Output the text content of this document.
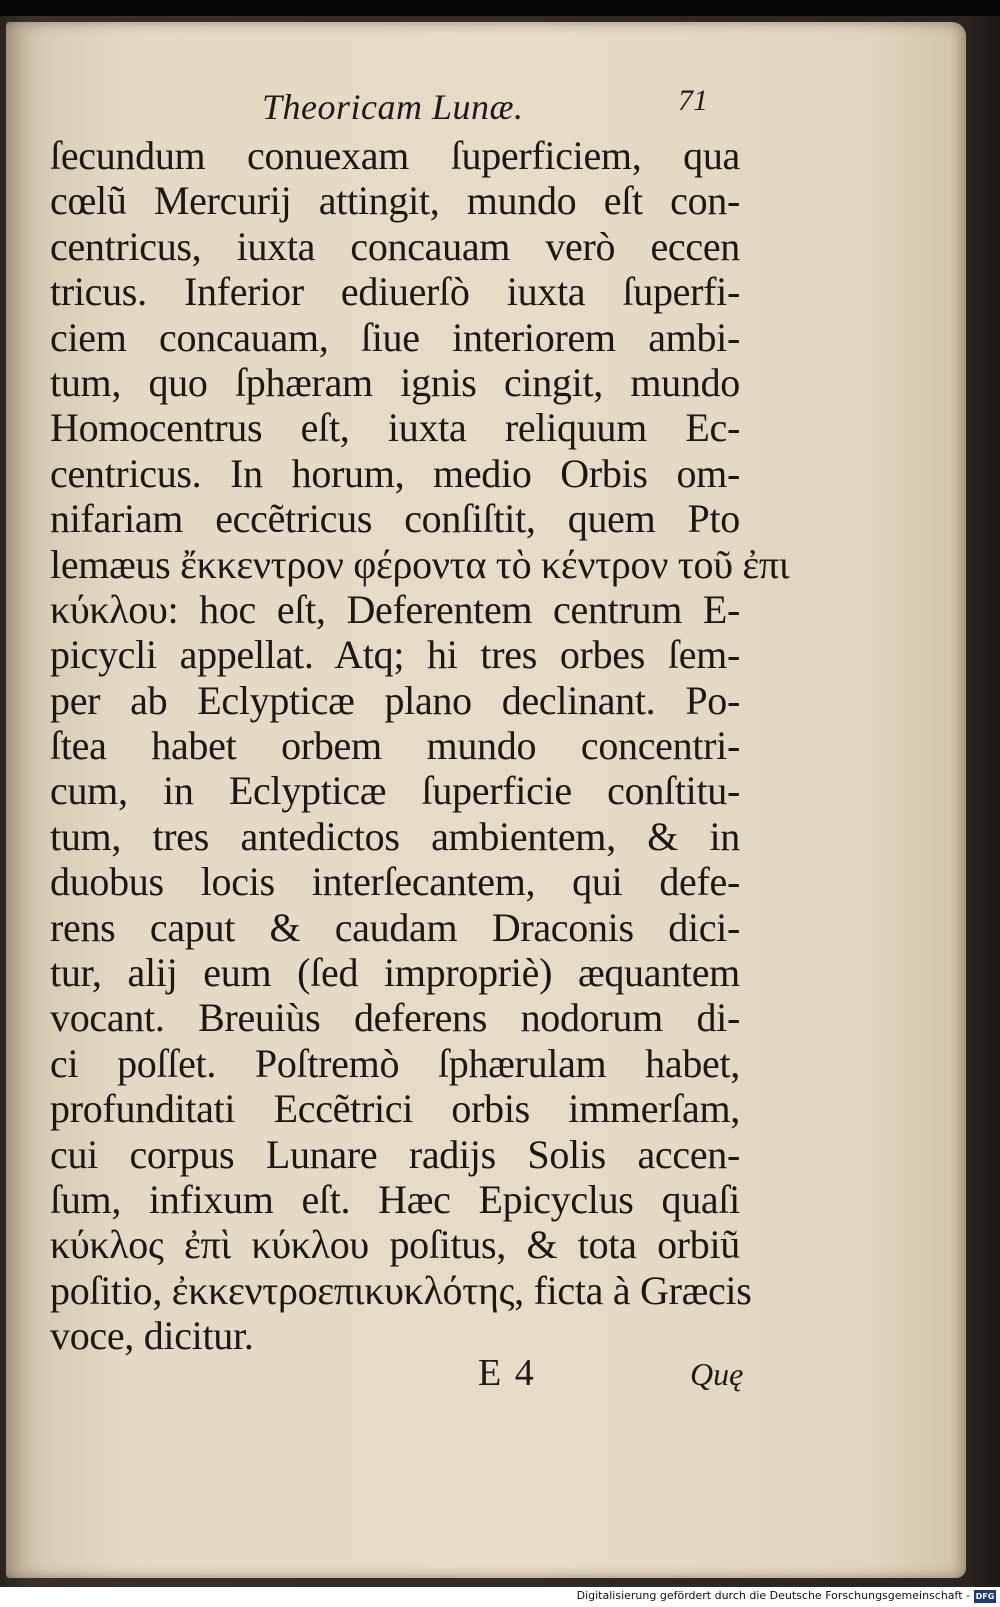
Theoricam Lunæ.	71
ſecundum conuexam ſuperficiem, qua
cœlũ Mercurij attingit, mundo eſt con-
centricus, iuxta concauam verò eccen
tricus. Inferior ediuerſò iuxta ſuperfi-
ciem concauam, ſiue interiorem ambi-
tum, quo ſphæram ignis cingit, mundo
Homocentrus eſt, iuxta reliquum Ec-
centricus. In horum, medio Orbis om-
nifariam eccẽtricus conſiſtit, quem Pto
lemæus ἔκκεντρον φέροντα τὸ κέντρον τοῦ ἐπι
κύκλου: hoc eſt, Deferentem centrum E-
picycli appellat. Atq; hi tres orbes ſem-
per ab Eclypticæ plano declinant. Po-
ſtea habet orbem mundo concentri-
cum, in Eclypticæ ſuperficie conſtitu-
tum, tres antedictos ambientem, & in
duobus locis interſecantem, qui defe-
rens caput & caudam Draconis dici-
tur, alij eum (ſed impropriè) æquantem
vocant. Breuiùs deferens nodorum di-
ci poſſet. Poſtremò ſphærulam habet,
profunditati Eccẽtrici orbis immerſam,
cui corpus Lunare radijs Solis accen-
ſum, infixum eſt. Hæc Epicyclus quaſi
κύκλος ἐπὶ κύκλου poſitus, & tota orbiũ
poſitio, ἐκκεντροεπικυκλότης, ficta à Græcis
voce, dicitur.
E 4	Quę
Digitalisierung gefördert durch die Deutsche Forschungsgemeinschaft - DFG
